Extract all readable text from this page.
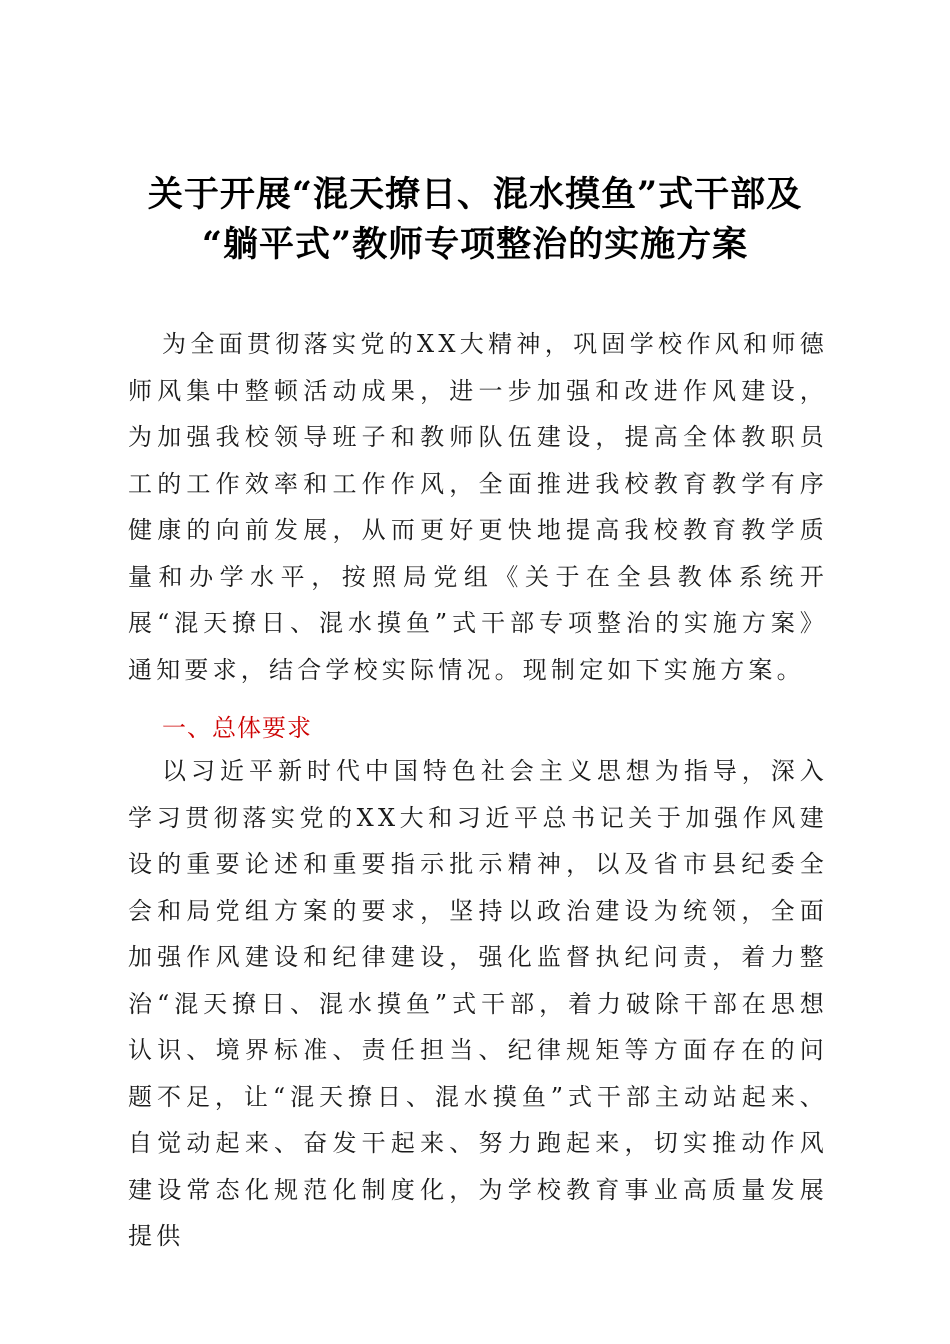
关于开展“混天撩日、混水摸鱼”式干部及
“躺平式”教师专项整治的实施方案
为全面贯彻落实党的XX大精神，巩固学校作风和师德师风集中整顿活动成果，进一步加强和改进作风建设，为加强我校领导班子和教师队伍建设，提高全体教职员工的工作效率和工作作风，全面推进我校教育教学有序健康的向前发展，从而更好更快地提高我校教育教学质量和办学水平，按照局党组《关于在全县教体系统开展“混天撩日、混水摸鱼”式干部专项整治的实施方案》通知要求，结合学校实际情况。现制定如下实施方案。
一、总体要求
以习近平新时代中国特色社会主义思想为指导，深入学习贯彻落实党的XX大和习近平总书记关于加强作风建设的重要论述和重要指示批示精神，以及省市县纪委全会和局党组方案的要求，坚持以政治建设为统领，全面加强作风建设和纪律建设，强化监督执纪问责，着力整治“混天撩日、混水摸鱼”式干部，着力破除干部在思想认识、境界标准、责任担当、纪律规矩等方面存在的问题不足，让“混天撩日、混水摸鱼”式干部主动站起来、自觉动起来、奋发干起来、努力跑起来，切实推动作风建设常态化规范化制度化，为学校教育事业高质量发展提供
